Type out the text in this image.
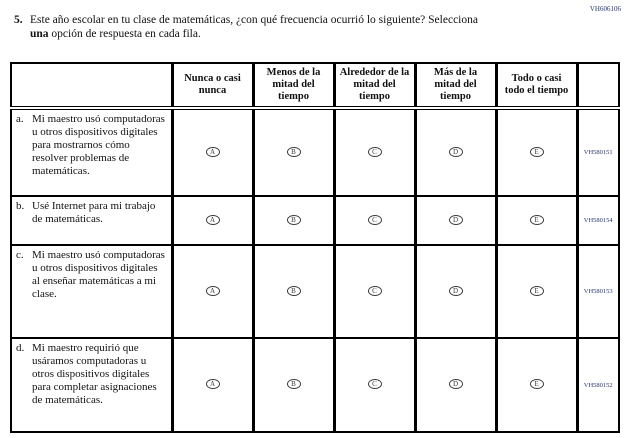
VH606106
5. Este año escolar en tu clase de matemáticas, ¿con qué frecuencia ocurrió lo siguiente? Selecciona una opción de respuesta en cada fila.
	Nunca o casi nunca	Menos de la mitad del tiempo	Alrededor de la mitad del tiempo	Más de la mitad del tiempo	Todo o casi todo el tiempo	

a. Mi maestro usó computadoras u otros dispositivos digitales para mostrarnos cómo resolver problemas de matemáticas.	A	B	C	D	E	VH580151

b. Usé Internet para mi trabajo de matemáticas.	A	B	C	D	E	VH580154

c. Mi maestro usó computadoras u otros dispositivos digitales al enseñar matemáticas a mi clase.	A	B	C	D	E	VH580153

d. Mi maestro requirió que usáramos computadoras u otros dispositivos digitales para completar asignaciones de matemáticas.	A	B	C	D	E	VH580152
